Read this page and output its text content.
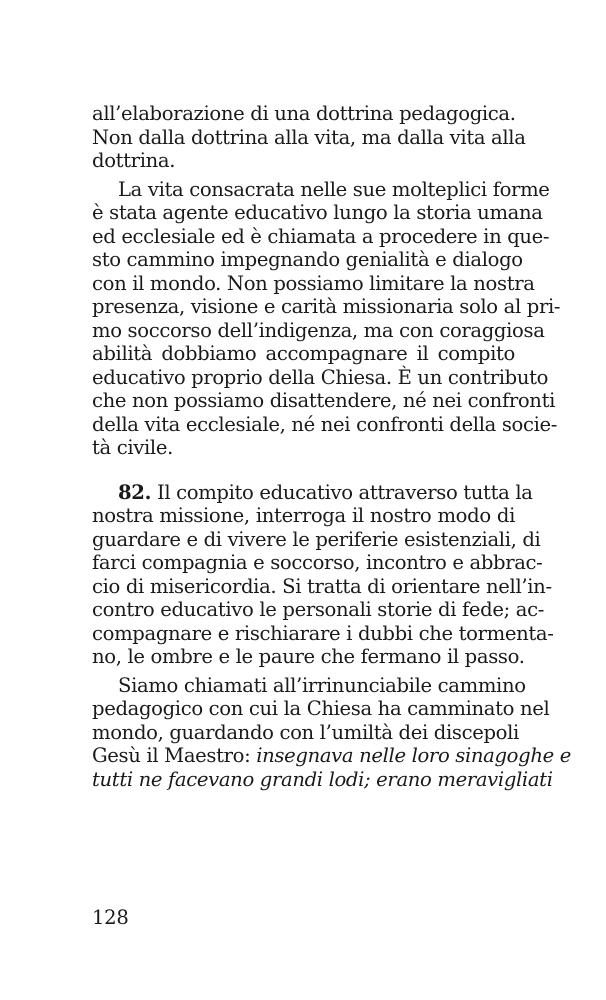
all’elaborazione di una dottrina pedagogica.
Non dalla dottrina alla vita, ma dalla vita alla
dottrina.
La vita consacrata nelle sue molteplici forme
è stata agente educativo lungo la storia umana
ed ecclesiale ed è chiamata a procedere in que-
sto cammino impegnando genialità e dialogo
con il mondo. Non possiamo limitare la nostra
presenza, visione e carità missionaria solo al pri-
mo soccorso dell’indigenza, ma con coraggiosa
abilità dobbiamo accompagnare il compito
educativo proprio della Chiesa. È un contributo
che non possiamo disattendere, né nei confronti
della vita ecclesiale, né nei confronti della socie-
tà civile.
82. Il compito educativo attraverso tutta la
nostra missione, interroga il nostro modo di
guardare e di vivere le periferie esistenziali, di
farci compagnia e soccorso, incontro e abbrac-
cio di misericordia. Si tratta di orientare nell’in-
contro educativo le personali storie di fede; ac-
compagnare e rischiarare i dubbi che tormenta-
no, le ombre e le paure che fermano il passo.
Siamo chiamati all’irrinunciabile cammino
pedagogico con cui la Chiesa ha camminato nel
mondo, guardando con l’umiltà dei discepoli
Gesù il Maestro: insegnava nelle loro sinagoghe e
tutti ne facevano grandi lodi; erano meravigliati
128
